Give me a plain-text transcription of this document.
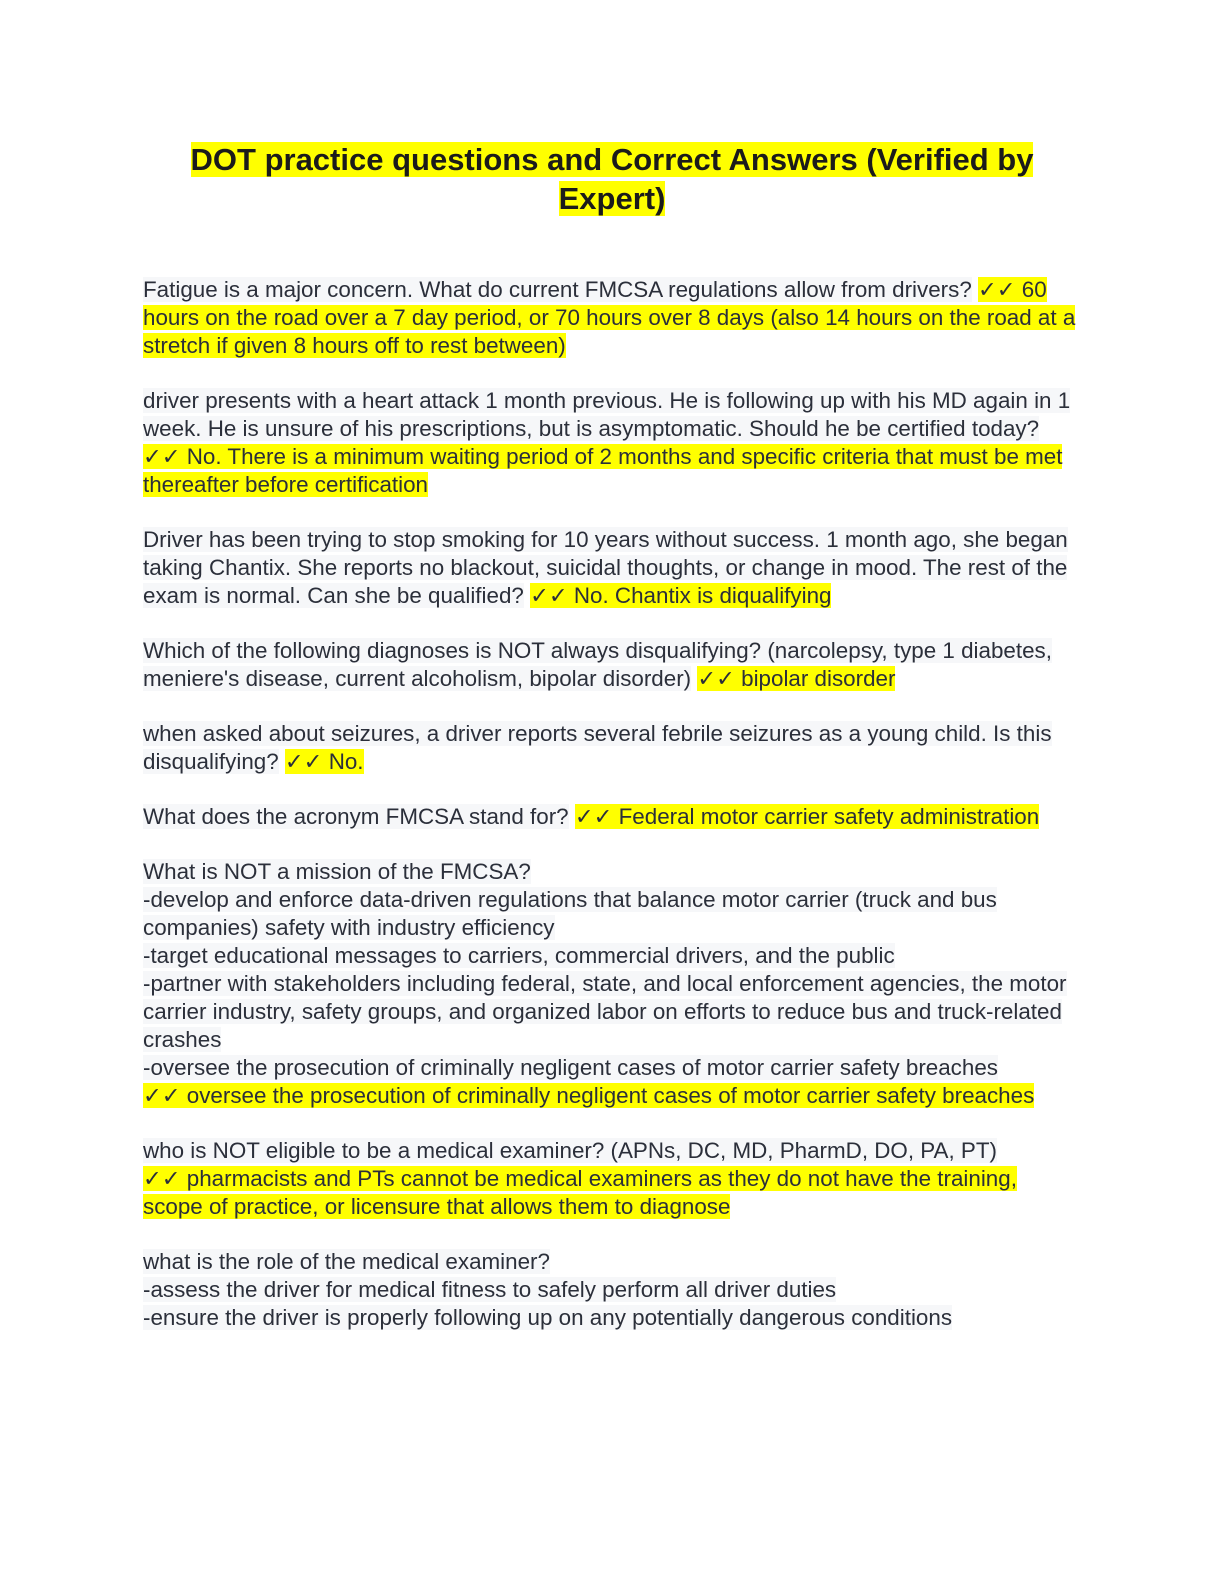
DOT practice questions and Correct Answers (Verified by Expert)

Fatigue is a major concern. What do current FMCSA regulations allow from drivers? ✓✓ 60 hours on the road over a 7 day period, or 70 hours over 8 days (also 14 hours on the road at a stretch if given 8 hours off to rest between)

driver presents with a heart attack 1 month previous. He is following up with his MD again in 1 week. He is unsure of his prescriptions, but is asymptomatic. Should he be certified today? ✓✓ No. There is a minimum waiting period of 2 months and specific criteria that must be met thereafter before certification

Driver has been trying to stop smoking for 10 years without success. 1 month ago, she began taking Chantix. She reports no blackout, suicidal thoughts, or change in mood. The rest of the exam is normal. Can she be qualified? ✓✓ No. Chantix is diqualifying

Which of the following diagnoses is NOT always disqualifying? (narcolepsy, type 1 diabetes, meniere's disease, current alcoholism, bipolar disorder) ✓✓ bipolar disorder

when asked about seizures, a driver reports several febrile seizures as a young child. Is this disqualifying? ✓✓ No.

What does the acronym FMCSA stand for? ✓✓ Federal motor carrier safety administration

What is NOT a mission of the FMCSA?
-develop and enforce data-driven regulations that balance motor carrier (truck and bus companies) safety with industry efficiency
-target educational messages to carriers, commercial drivers, and the public
-partner with stakeholders including federal, state, and local enforcement agencies, the motor carrier industry, safety groups, and organized labor on efforts to reduce bus and truck-related crashes
-oversee the prosecution of criminally negligent cases of motor carrier safety breaches
✓✓ oversee the prosecution of criminally negligent cases of motor carrier safety breaches

who is NOT eligible to be a medical examiner? (APNs, DC, MD, PharmD, DO, PA, PT)
✓✓ pharmacists and PTs cannot be medical examiners as they do not have the training, scope of practice, or licensure that allows them to diagnose

what is the role of the medical examiner?
-assess the driver for medical fitness to safely perform all driver duties
-ensure the driver is properly following up on any potentially dangerous conditions
